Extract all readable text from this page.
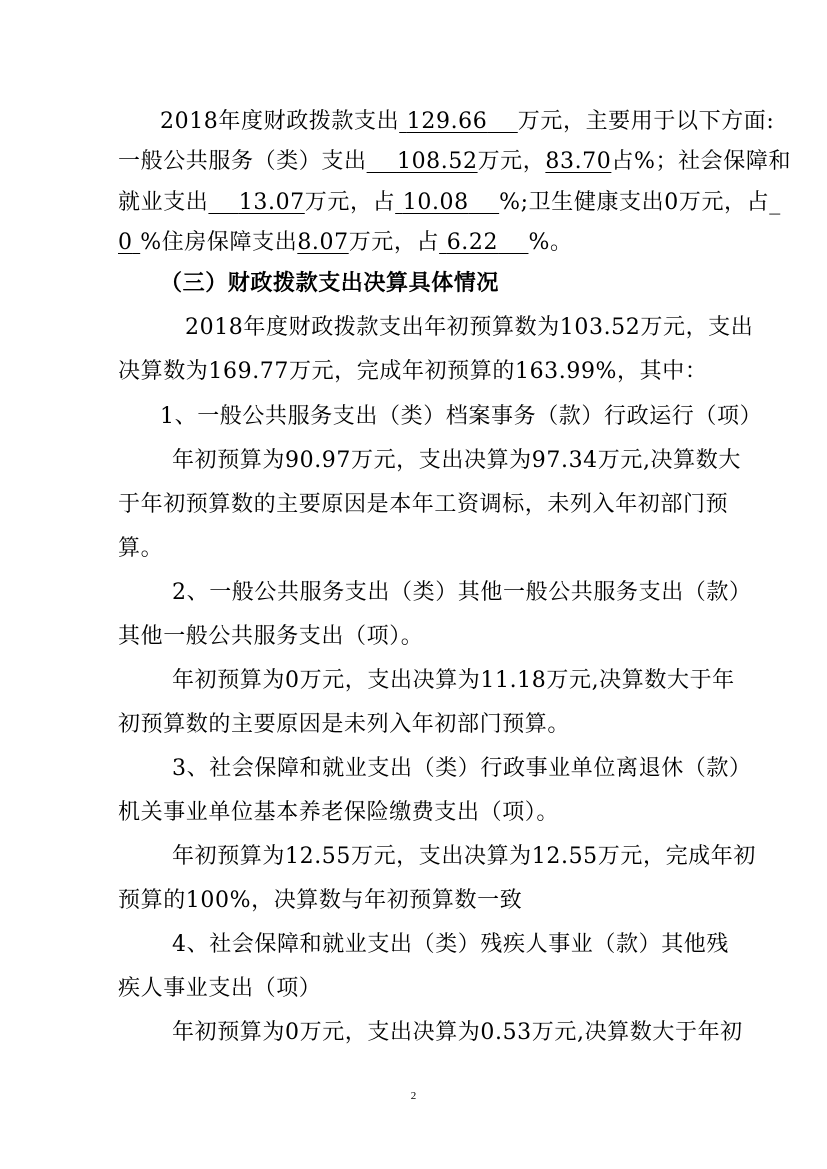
2018年度财政拨款支出 129.66 万元，主要用于以下方面:
一般公共服务（类）支出 108.52万元，83.70占%；社会保障和
就业支出 13.07万元，占 10.08 %;卫生健康支出0万元，占_
0 %住房保障支出8.07万元，占 6.22 %。
（三）财政拨款支出决算具体情况
2018年度财政拨款支出年初预算数为103.52万元，支出
决算数为169.77万元，完成年初预算的163.99%，其中：
1、一般公共服务支出（类）档案事务（款）行政运行（项）
年初预算为90.97万元，支出决算为97.34万元,决算数大
于年初预算数的主要原因是本年工资调标，未列入年初部门预
算。
2、一般公共服务支出（类）其他一般公共服务支出（款）
其他一般公共服务支出（项）。
年初预算为0万元，支出决算为11.18万元,决算数大于年
初预算数的主要原因是未列入年初部门预算。
3、社会保障和就业支出（类）行政事业单位离退休（款）
机关事业单位基本养老保险缴费支出（项）。
年初预算为12.55万元，支出决算为12.55万元，完成年初
预算的100%，决算数与年初预算数一致
4、社会保障和就业支出（类）残疾人事业（款）其他残
疾人事业支出（项）
年初预算为0万元，支出决算为0.53万元,决算数大于年初
2
